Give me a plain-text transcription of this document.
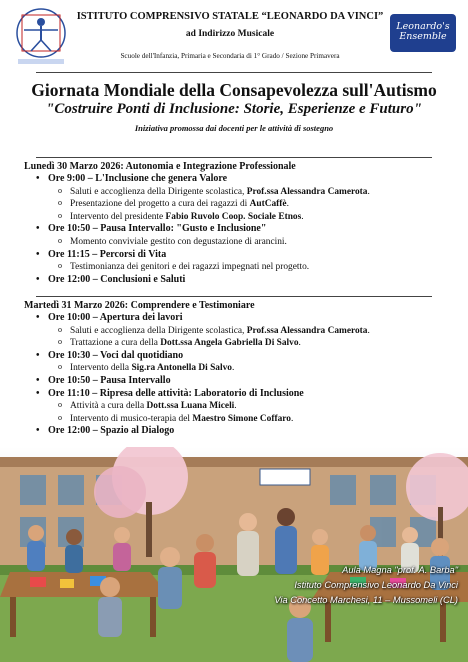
ISTITUTO COMPRENSIVO STATALE “LEONARDO DA VINCI”
ad Indirizzo Musicale
Scuole dell'Infanzia, Primaria e Secondaria di 1° Grado / Sezione Primavera
Leonardo's Ensemble
Giornata Mondiale della Consapevolezza sull'Autismo
"Costruire Ponti di Inclusione: Storie, Esperienze e Futuro"
Iniziativa promossa dai docenti per le attività di sostegno
Lunedì 30 Marzo 2026: Autonomia e Integrazione Professionale
• Ore 9:00 – L'Inclusione che genera Valore
o Saluti e accoglienza della Dirigente scolastica, Prof.ssa Alessandra Camerota.
o Presentazione del progetto a cura dei ragazzi di AutCaffè.
o Intervento del presidente Fabio Ruvolo Coop. Sociale Etnos.
• Ore 10:50 – Pausa Intervallo: "Gusto e Inclusione"
o Momento conviviale gestito con degustazione di arancini.
• Ore 11:15 – Percorsi di Vita
o Testimonianza dei genitori e dei ragazzi impegnati nel progetto.
• Ore 12:00 – Conclusioni e Saluti
Martedì 31 Marzo 2026: Comprendere e Testimoniare
• Ore 10:00 – Apertura dei lavori
o Saluti e accoglienza della Dirigente scolastica, Prof.ssa Alessandra Camerota.
o Trattazione a cura della Dott.ssa Angela Gabriella Di Salvo.
• Ore 10:30 – Voci dal quotidiano
o Intervento della Sig.ra Antonella Di Salvo.
• Ore 10:50 – Pausa Intervallo
• Ore 11:10 – Ripresa delle attività: Laboratorio di Inclusione
o Attività a cura della Dott.ssa Luana Miceli.
o Intervento di musico-terapia del Maestro Simone Coffaro.
• Ore 12:00 – Spazio al Dialogo
Aula Magna "prof. A. Barba"
Istituto Comprensivo Leonardo Da Vinci
Via Concetto Marchesi, 11 – Mussomeli (CL)
